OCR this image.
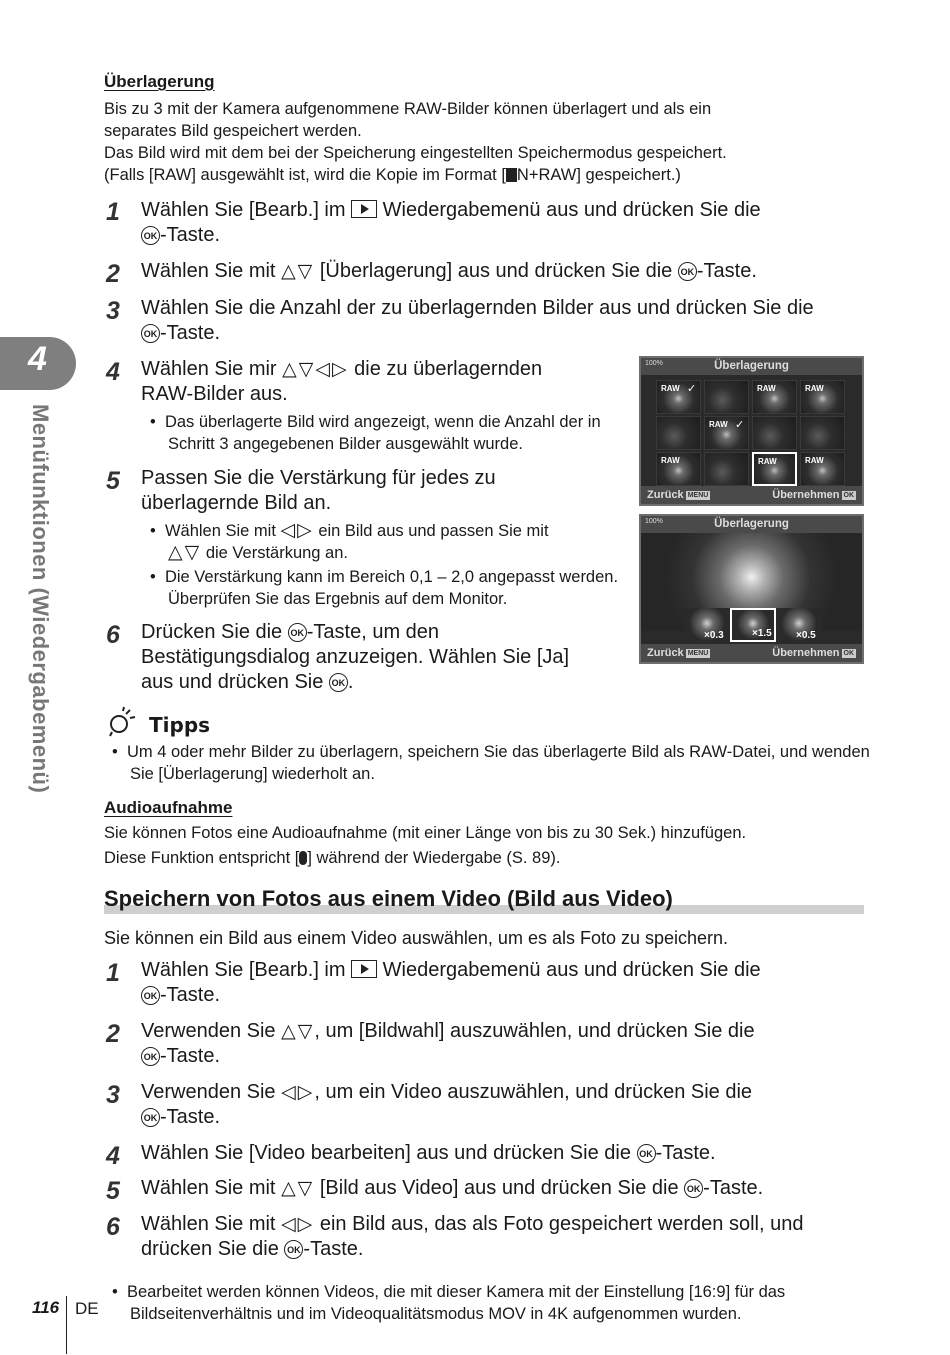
4
Menüfunktionen (Wiedergabemenü)
Überlagerung
Bis zu 3 mit der Kamera aufgenommene RAW-Bilder können überlagert und als ein
separates Bild gespeichert werden.
Das Bild wird mit dem bei der Speicherung eingestellten Speichermodus gespeichert.
(Falls [RAW] ausgewählt ist, wird die Kopie im Format [ N+RAW] gespeichert.)
1 Wählen Sie [Bearb.] im  Wiedergabemenü aus und drücken Sie die
OK -Taste.
2 Wählen Sie mit △▽ [Überlagerung] aus und drücken Sie die OK -Taste.
3 Wählen Sie die Anzahl der zu überlagernden Bilder aus und drücken Sie die
OK -Taste.
4 Wählen Sie mir △▽◁▷ die zu überlagernden
RAW-Bilder aus.
•  Das überlagerte Bild wird angezeigt, wenn die Anzahl der in Schritt 3 angegebenen Bilder ausgewählt wurde.
5 Passen Sie die Verstärkung für jedes zu
überlagernde Bild an.
•  Wählen Sie mit ◁▷ ein Bild aus und passen Sie mit
△▽ die Verstärkung an.
•  Die Verstärkung kann im Bereich 0,1 – 2,0 angepasst werden. Überprüfen Sie das Ergebnis auf dem Monitor.
6 Drücken Sie die OK -Taste, um den
Bestätigungsdialog anzuzeigen. Wählen Sie [Ja]
aus und drücken Sie OK .
Überlagerung
100%
RAW ✓	RAW	RAW
RAW ✓
RAW	RAW	RAW
Zurück MENU	Übernehmen OK
Überlagerung
100%
×0.3	×1.5 ×0.5
Zurück MENU	Übernehmen OK
Tipps
•  Um 4 oder mehr Bilder zu überlagern, speichern Sie das überlagerte Bild als RAW-Datei, und wenden Sie [Überlagerung] wiederholt an.
Audioaufnahme
Sie können Fotos eine Audioaufnahme (mit einer Länge von bis zu 30 Sek.) hinzufügen.
Diese Funktion entspricht [ ] während der Wiedergabe (S. 89).
Speichern von Fotos aus einem Video (Bild aus Video)
Sie können ein Bild aus einem Video auswählen, um es als Foto zu speichern.
1 Wählen Sie [Bearb.] im  Wiedergabemenü aus und drücken Sie die
OK -Taste.
2 Verwenden Sie △▽, um [Bildwahl] auszuwählen, und drücken Sie die
OK -Taste.
3 Verwenden Sie ◁▷, um ein Video auszuwählen, und drücken Sie die
OK -Taste.
4 Wählen Sie [Video bearbeiten] aus und drücken Sie die OK -Taste.
5 Wählen Sie mit △▽ [Bild aus Video] aus und drücken Sie die OK -Taste.
6 Wählen Sie mit ◁▷ ein Bild aus, das als Foto gespeichert werden soll, und
drücken Sie die OK -Taste.
•  Bearbeitet werden können Videos, die mit dieser Kamera mit der Einstellung [16:9] für das Bildseitenverhältnis und im Videoqualitätsmodus MOV in 4K aufgenommen wurden.
116 DE
